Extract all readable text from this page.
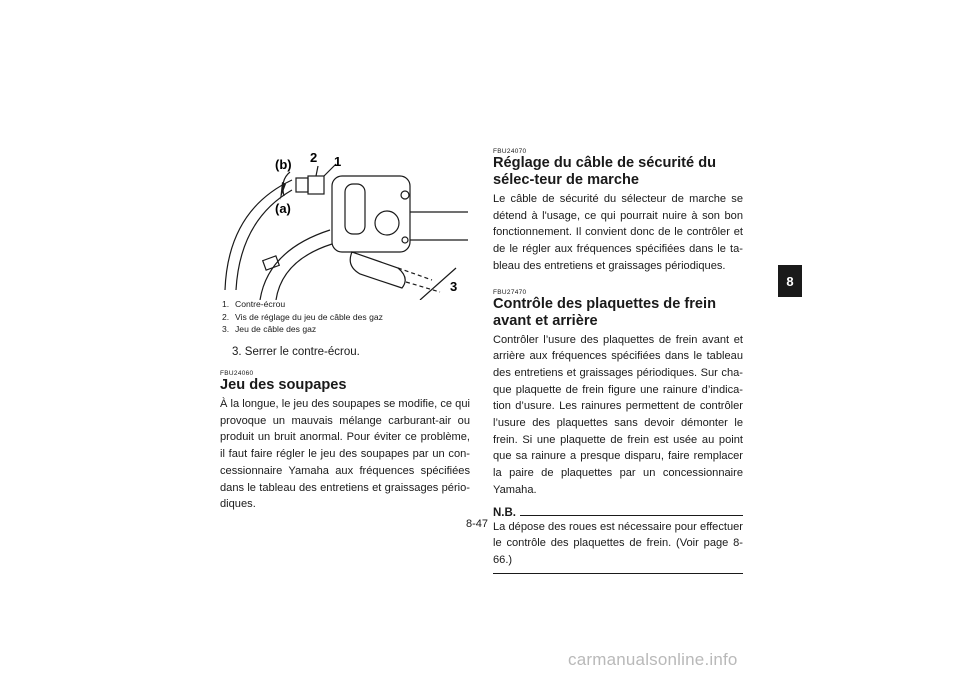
(b) 2 1
(a)
3
1. Contre-écrou
2. Vis de réglage du jeu de câble des gaz
3. Jeu de câble des gaz
3. Serrer le contre-écrou.
FBU24060
Jeu des soupapes

À la longue, le jeu des soupapes se modifie, ce qui provoque un mauvais mélange carburant-air ou produit un bruit anormal. Pour éviter ce problème, il faut faire régler le jeu des soupapes par un con-cessionnaire Yamaha aux fréquences spécifiées dans le tableau des entretiens et graissages pério-diques.

FBU24070
Réglage du câble de sécurité du sélec-teur de marche

Le câble de sécurité du sélecteur de marche se détend à l'usage, ce qui pourrait nuire à son bon fonctionnement. Il convient donc de le contrôler et de le régler aux fréquences spécifiées dans le ta-bleau des entretiens et graissages périodiques.

FBU27470
Contrôle des plaquettes de frein avant et arrière

Contrôler l’usure des plaquettes de frein avant et arrière aux fréquences spécifiées dans le tableau des entretiens et graissages périodiques. Sur cha-que plaquette de frein figure une rainure d’indica-tion d’usure. Les rainures permettent de contrôler l’usure des plaquettes sans devoir démonter le frein. Si une plaquette de frein est usée au point que sa rainure a presque disparu, faire remplacer la paire de plaquettes par un concessionnaire Yamaha.

N.B.

La dépose des roues est nécessaire pour effectuer le contrôle des plaquettes de frein. (Voir page 8-66.)

8
8-47
carmanualsonline.info
